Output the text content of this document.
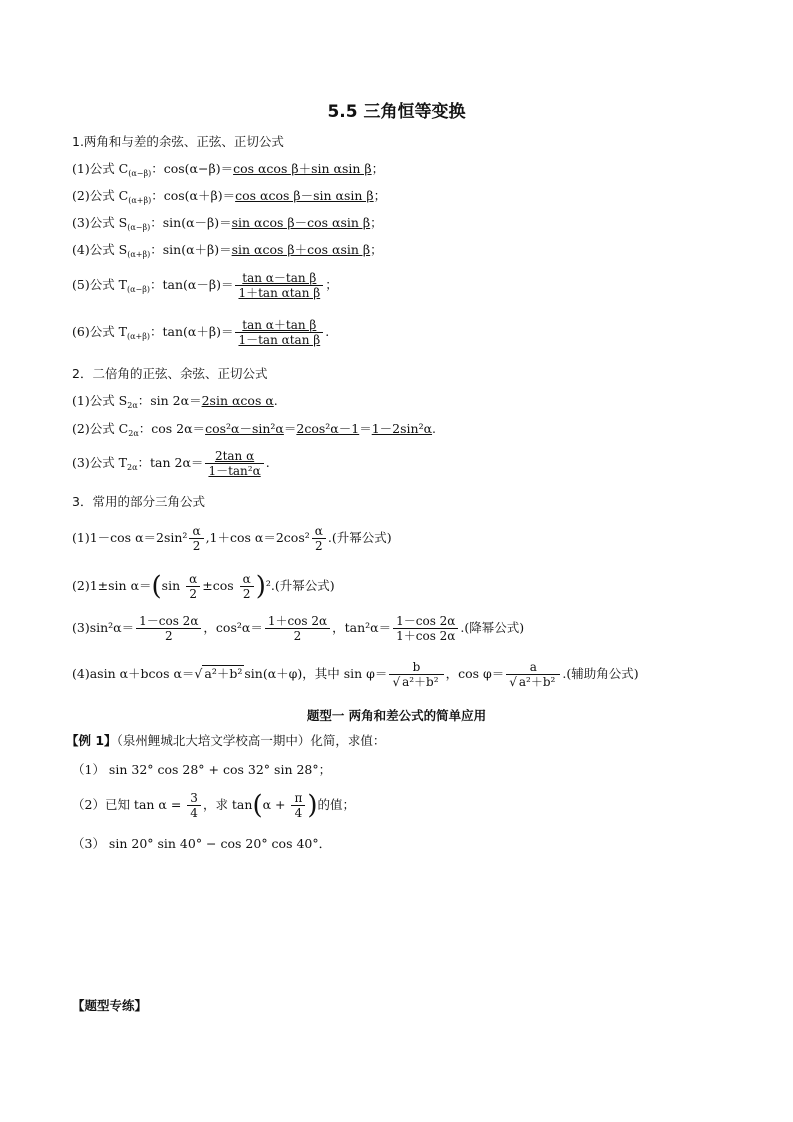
5.5 三角恒等变换
1.两角和与差的余弦、正弦、正切公式
(1)公式 $C_{(\alpha-\beta)}$：cos(α−β)＝cos αcos β＋sin αsin β；
(2)公式 $C_{(\alpha+\beta)}$：cos(α＋β)＝cos αcos β－sin αsin β；
(3)公式 $S_{(\alpha-\beta)}$：sin(α－β)＝sin αcos β－cos αsin β；
(4)公式 $S_{(\alpha+\beta)}$：sin(α＋β)＝sin αcos β＋cos αsin β；
(5)公式 $T_{(\alpha-\beta)}$：$\tan(\alpha-\beta)= \frac{\text{tan α－tan β}}{\text{1＋tan αtan β}}$ ；
(6)公式 $T_{(\alpha+\beta)}$：$\tan(\alpha+\beta)= \frac{\text{tan α＋tan β}}{\text{1－tan αtan β}}$ .
2．二倍角的正弦、余弦、正切公式
(1)公式 $S_{2\alpha}$：sin 2α＝2sin αcos α.
(2)公式 $C_{2\alpha}$：cos 2α＝cos²α－sin²α＝2cos²α－1＝1－2sin²α.
(3)公式 $T_{2\alpha}$：$\tan 2\alpha= \frac{\text{2tan α}}{\text{1－tan²α}}$ .
3．常用的部分三角公式
(1)1－cos $\alpha=2\sin^2 \frac{\alpha}{2} ,1+\cos$ $\alpha=2\cos^2 \frac{\alpha}{2}$ .(升幂公式)
(2)1±sin $\alpha=(\sin \frac{\alpha}{2} \pm\cos \frac{\alpha}{2} )^2$.(升幂公式)
$(3)\sin^2\alpha= \frac{1-\cos 2\alpha}{2}$ ，$\cos^2\alpha= \frac{1+\cos 2\alpha}{2}$ ，$\tan^2\alpha= \frac{1-\cos 2\alpha}{1+\cos 2\alpha}$ .(降幂公式)
(4)asin α＋bcos α＝√ a²＋b² sin(α＋φ)，其中 $\sin \varphi= \frac{b}{\text{√ a²＋b²}}$ ，$\cos \varphi= \frac{a}{\text{√ a²＋b²}}$ .(辅助角公式)
题型一 两角和差公式的简单应用
【例 1】（泉州鲤城北大培文学校高一期中）化简，求值：
（1） sin 32° cos 28° + cos 32° sin 28°；
（2）已知 $\tan \alpha = \frac{3}{4}$ ，求 $\tan(\alpha + \frac{\pi}{4}$ )的值；
（3） sin 20° sin 40° − cos 20° cos 40°．
【题型专练】
